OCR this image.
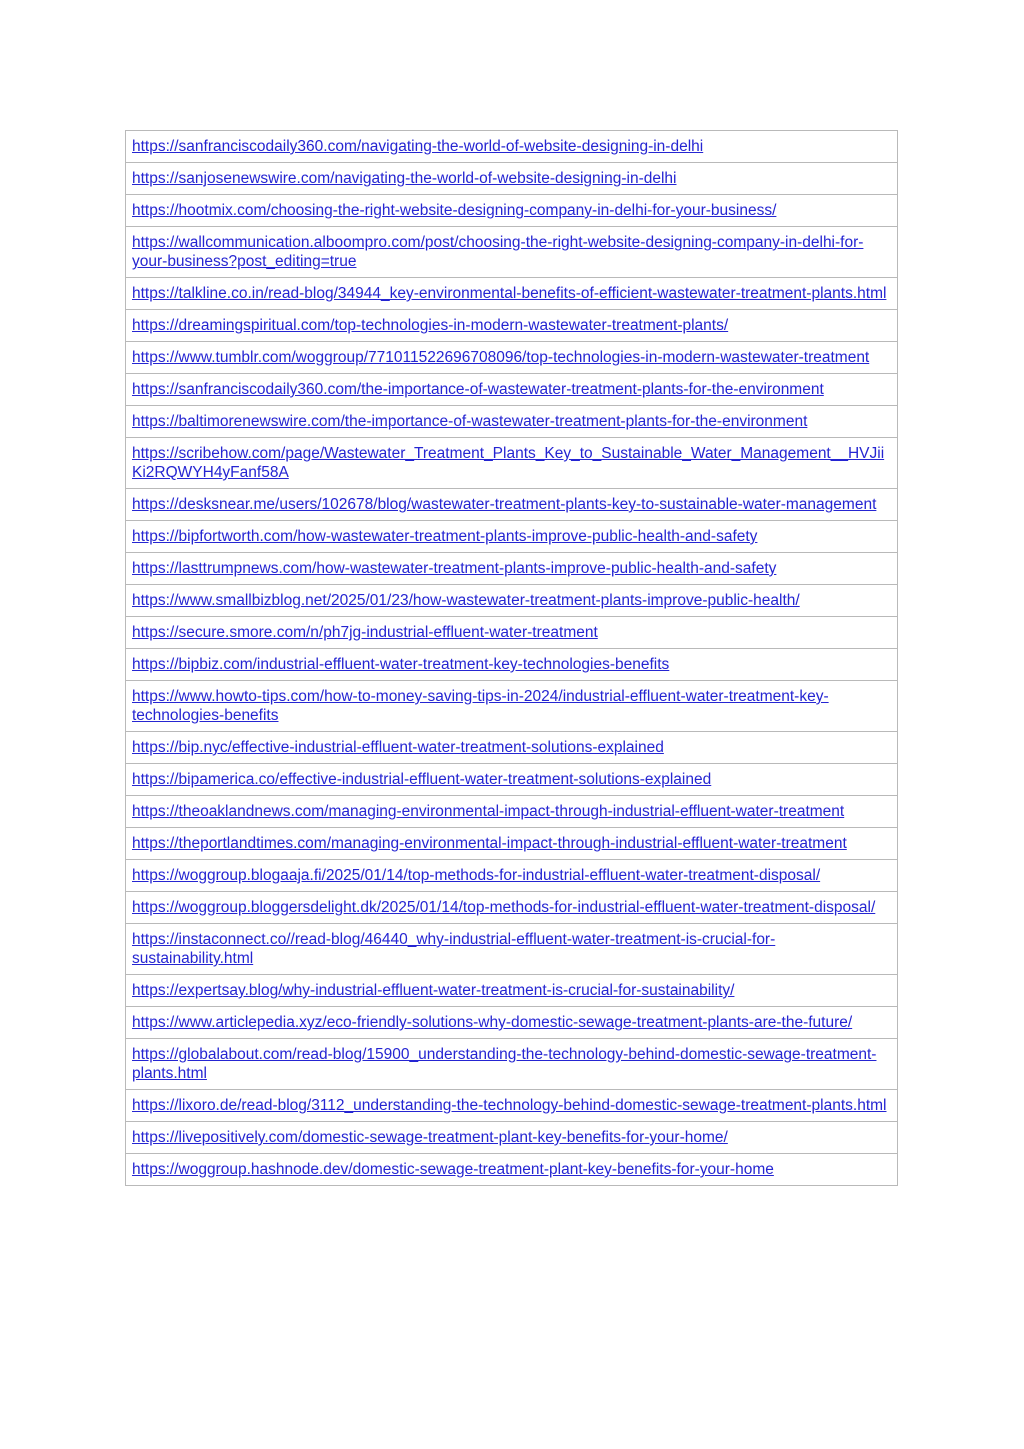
https://sanfranciscodaily360.com/navigating-the-world-of-website-designing-in-delhi
https://sanjosenewswire.com/navigating-the-world-of-website-designing-in-delhi
https://hootmix.com/choosing-the-right-website-designing-company-in-delhi-for-your-business/
https://wallcommunication.alboompro.com/post/choosing-the-right-website-designing-company-in-delhi-for-your-business?post_editing=true
https://talkline.co.in/read-blog/34944_key-environmental-benefits-of-efficient-wastewater-treatment-plants.html
https://dreamingspiritual.com/top-technologies-in-modern-wastewater-treatment-plants/
https://www.tumblr.com/woggroup/771011522696708096/top-technologies-in-modern-wastewater-treatment
https://sanfranciscodaily360.com/the-importance-of-wastewater-treatment-plants-for-the-environment
https://baltimorenewswire.com/the-importance-of-wastewater-treatment-plants-for-the-environment
https://scribehow.com/page/Wastewater_Treatment_Plants_Key_to_Sustainable_Water_Management__HVJiiKi2RQWYH4yFanf58A
https://desksnear.me/users/102678/blog/wastewater-treatment-plants-key-to-sustainable-water-management
https://bipfortworth.com/how-wastewater-treatment-plants-improve-public-health-and-safety
https://lasttrumpnews.com/how-wastewater-treatment-plants-improve-public-health-and-safety
https://www.smallbizblog.net/2025/01/23/how-wastewater-treatment-plants-improve-public-health/
https://secure.smore.com/n/ph7jg-industrial-effluent-water-treatment
https://bipbiz.com/industrial-effluent-water-treatment-key-technologies-benefits
https://www.howto-tips.com/how-to-money-saving-tips-in-2024/industrial-effluent-water-treatment-key-technologies-benefits
https://bip.nyc/effective-industrial-effluent-water-treatment-solutions-explained
https://bipamerica.co/effective-industrial-effluent-water-treatment-solutions-explained
https://theoaklandnews.com/managing-environmental-impact-through-industrial-effluent-water-treatment
https://theportlandtimes.com/managing-environmental-impact-through-industrial-effluent-water-treatment
https://woggroup.blogaaja.fi/2025/01/14/top-methods-for-industrial-effluent-water-treatment-disposal/
https://woggroup.bloggersdelight.dk/2025/01/14/top-methods-for-industrial-effluent-water-treatment-disposal/
https://instaconnect.co//read-blog/46440_why-industrial-effluent-water-treatment-is-crucial-for-sustainability.html
https://expertsay.blog/why-industrial-effluent-water-treatment-is-crucial-for-sustainability/
https://www.articlepedia.xyz/eco-friendly-solutions-why-domestic-sewage-treatment-plants-are-the-future/
https://globalabout.com/read-blog/15900_understanding-the-technology-behind-domestic-sewage-treatment-plants.html
https://lixoro.de/read-blog/3112_understanding-the-technology-behind-domestic-sewage-treatment-plants.html
https://livepositively.com/domestic-sewage-treatment-plant-key-benefits-for-your-home/
https://woggroup.hashnode.dev/domestic-sewage-treatment-plant-key-benefits-for-your-home
